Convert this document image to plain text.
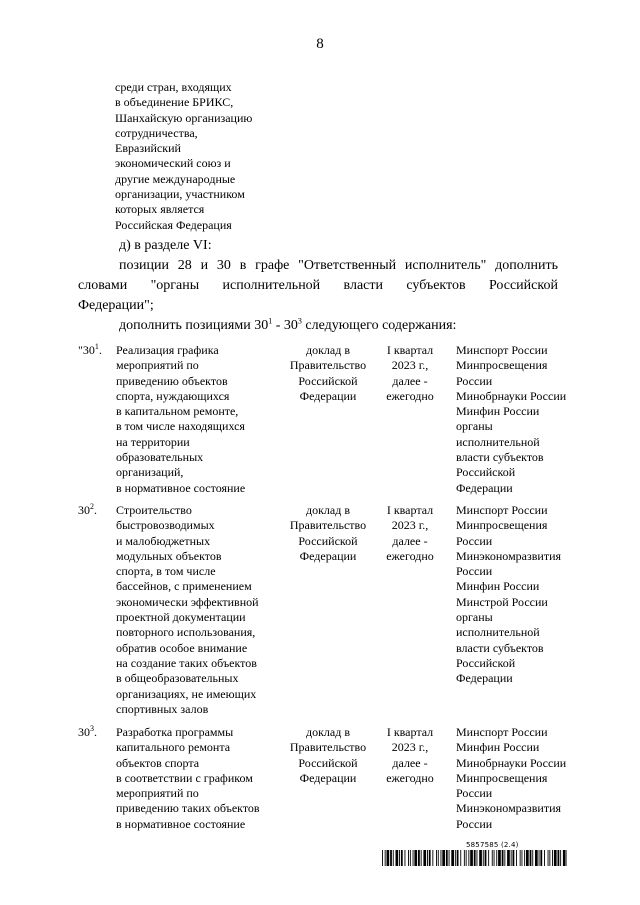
8
среди стран, входящих
в объединение БРИКС,
Шанхайскую организацию
сотрудничества,
Евразийский
экономический союз и
другие международные
организации, участником
которых является
Российская Федерация
д) в разделе VI:
позиции 28 и 30 в графе "Ответственный исполнитель" дополнить
словами "органы исполнительной власти субъектов Российской
Федерации";
дополнить позициями $30^1 - 30^3$ следующего содержания:
"$30^1$. Реализация графика
мероприятий по
приведению объектов
спорта, нуждающихся
в капитальном ремонте,
в том числе находящихся
на территории
образовательных
организаций,
в нормативное состояние
доклад в
Правительство
Российской
Федерации
I квартал
2023 г.,
далее -
ежегодно
Минспорт России
Минпросвещения
России
Минобрнауки России
Минфин России
органы
исполнительной
власти субъектов
Российской
Федерации
$30^2$. Строительство
быстровозводимых
и малобюджетных
модульных объектов
спорта, в том числе
бассейнов, с применением
экономически эффективной
проектной документации
повторного использования,
обратив особое внимание
на создание таких объектов
в общеобразовательных
организациях, не имеющих
спортивных залов
доклад в
Правительство
Российской
Федерации
I квартал
2023 г.,
далее -
ежегодно
Минспорт России
Минпросвещения
России
Минэкономразвития
России
Минфин России
Минстрой России
органы
исполнительной
власти субъектов
Российской
Федерации
$30^3$. Разработка программы
капитального ремонта
объектов спорта
в соответствии с графиком
мероприятий по
приведению таких объектов
в нормативное состояние
доклад в
Правительство
Российской
Федерации
I квартал
2023 г.,
далее -
ежегодно
Минспорт России
Минфин России
Минобрнауки России
Минпросвещения
России
Минэкономразвития
России
5857585 (2.4)
